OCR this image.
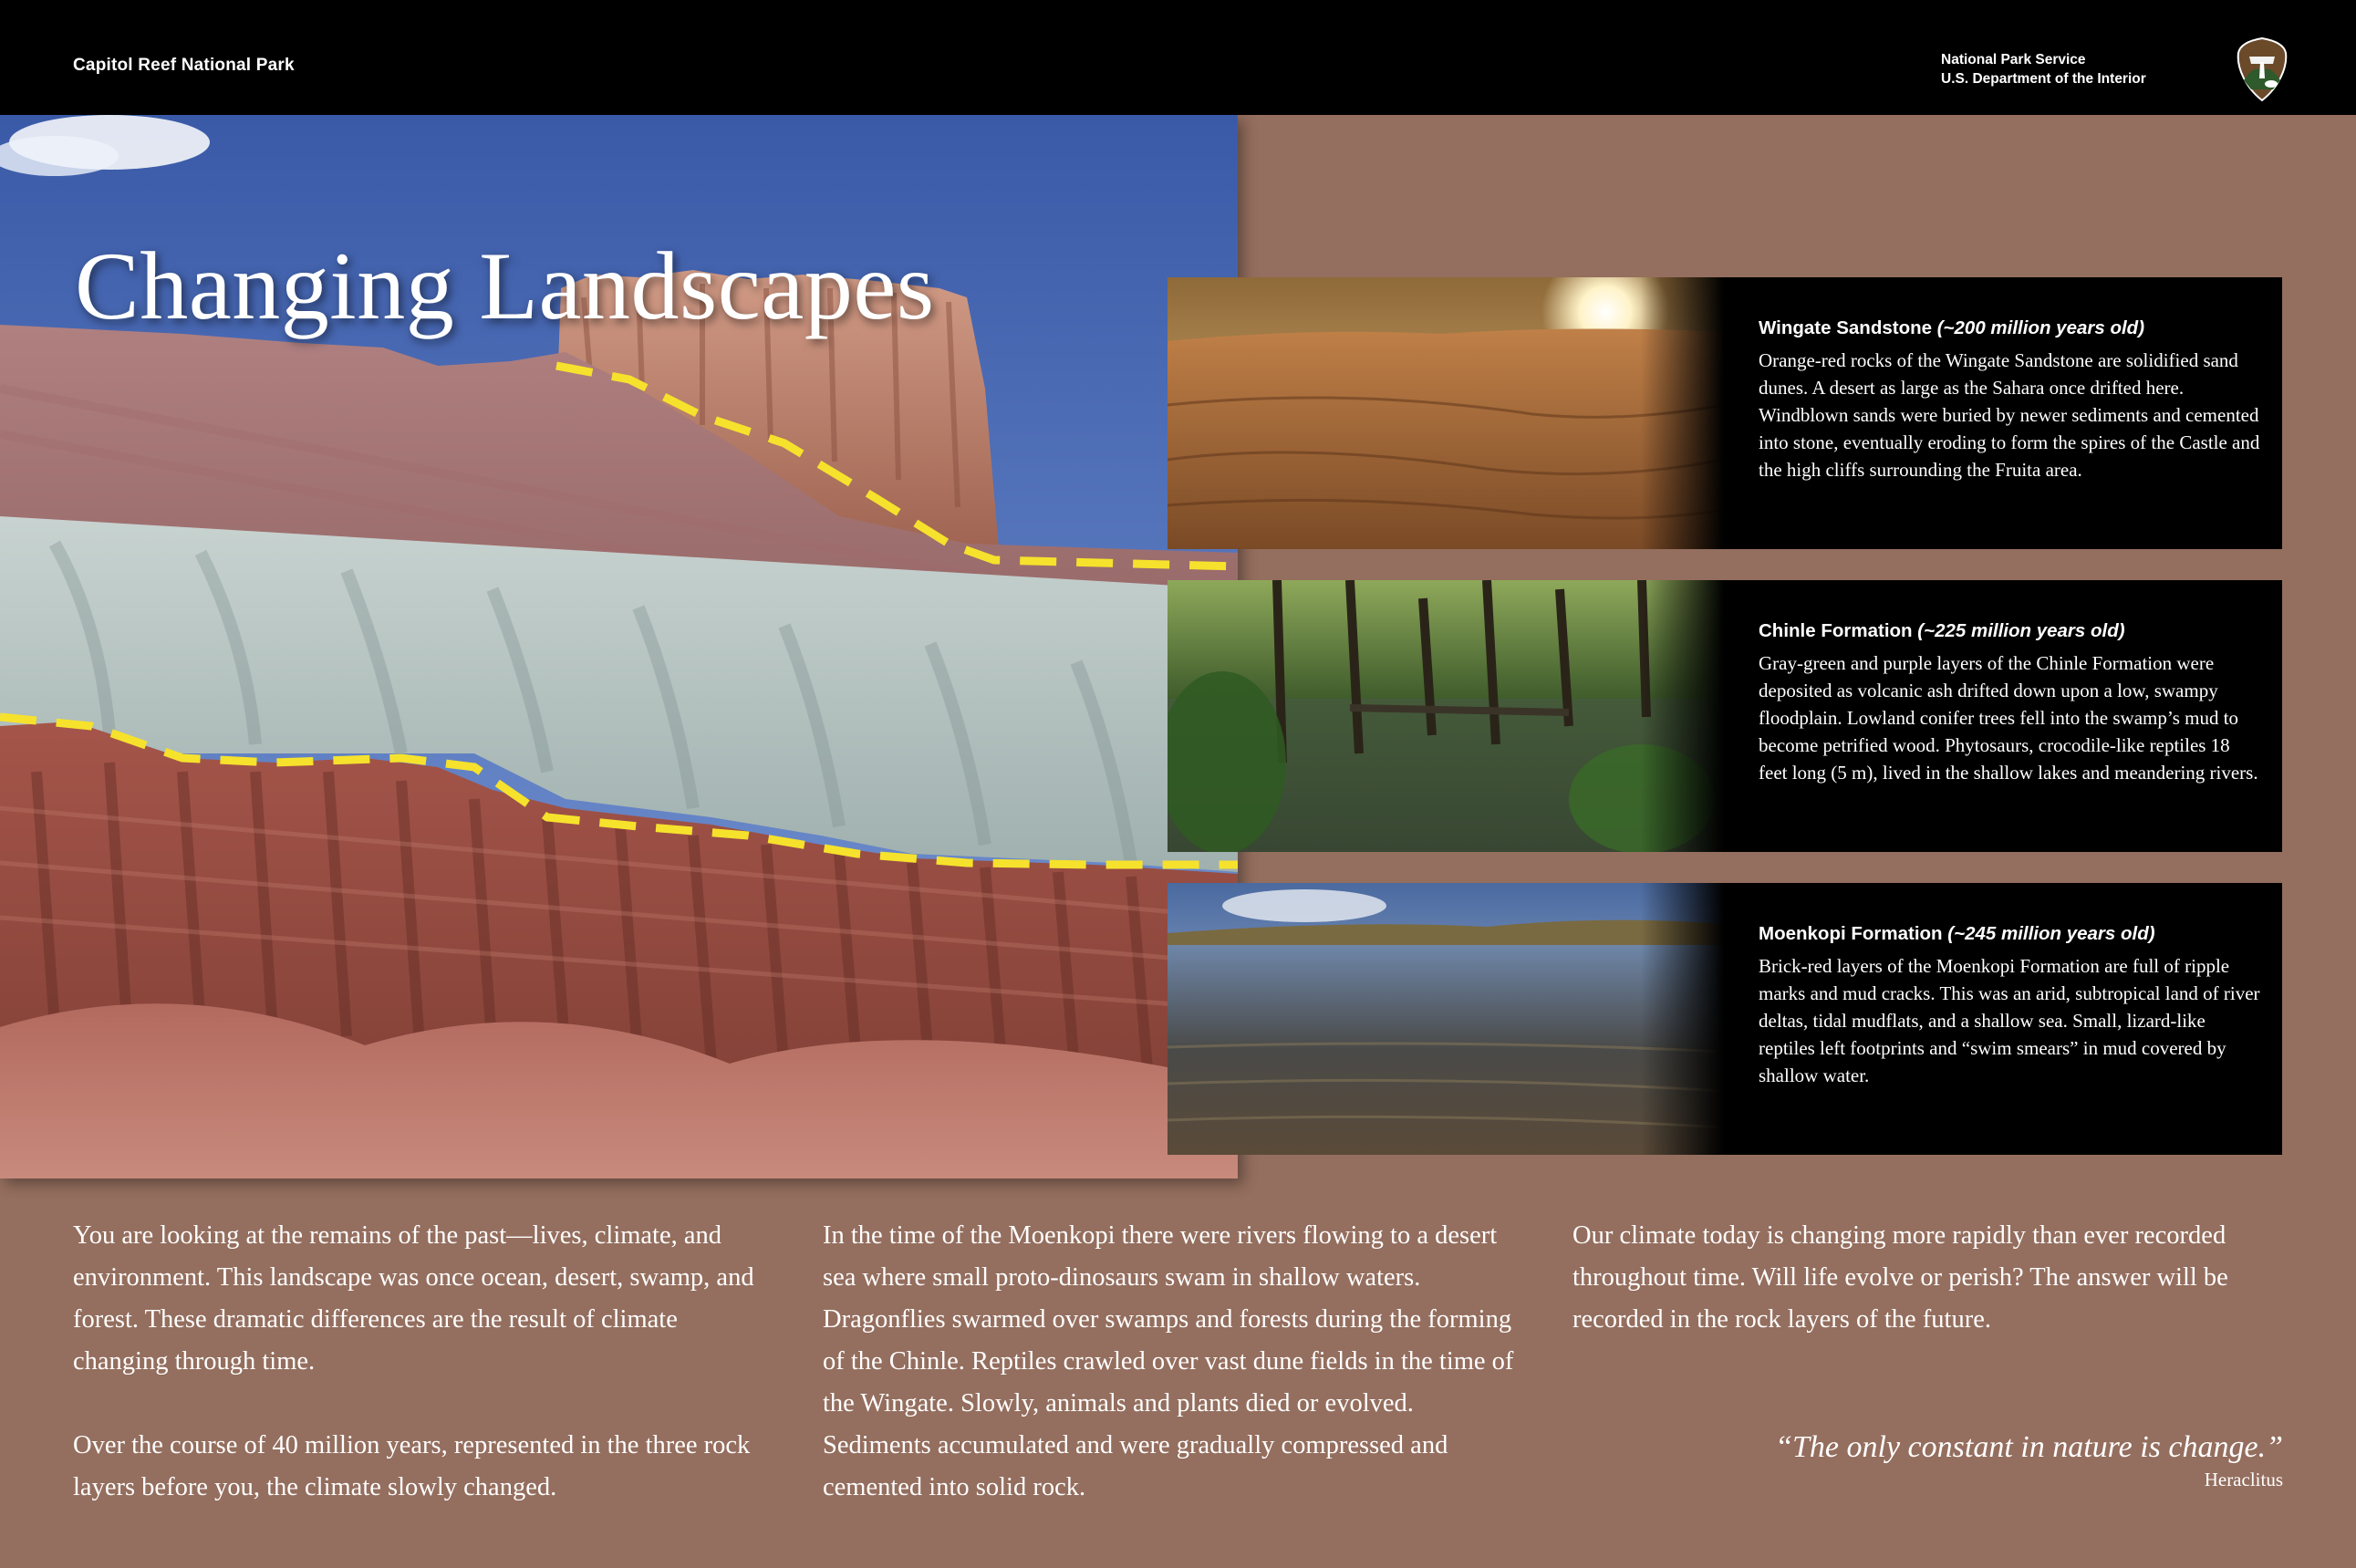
Capitol Reef National Park	National Park Service
U.S. Department of the Interior
Changing Landscapes	Wingate Sandstone (~200 million years old)

Orange-red rocks of the Wingate Sandstone are solidified sand dunes. A desert as large as the Sahara once drifted here. Windblown sands were buried by newer sediments and cemented into stone, eventually eroding to form the spires of the Castle and the high cliffs surrounding the Fruita area.

Chinle Formation (~225 million years old)

Gray-green and purple layers of the Chinle Formation were deposited as volcanic ash drifted down upon a low, swampy floodplain. Lowland conifer trees fell into the swamp’s mud to become petrified wood. Phytosaurs, crocodile-like reptiles 18 feet long (5 m), lived in the shallow lakes and meandering rivers.

Moenkopi Formation (~245 million years old)

Brick-red layers of the Moenkopi Formation are full of ripple marks and mud cracks. This was an arid, subtropical land of river deltas, tidal mudflats, and a shallow sea. Small, lizard-like reptiles left footprints and “swim smears” in mud covered by shallow water.

You are looking at the remains of the past—lives, climate, and environment. This landscape was once ocean, desert, swamp, and forest. These dramatic differences are the result of climate changing through time.

Over the course of 40 million years, represented in the three rock layers before you, the climate slowly changed.

In the time of the Moenkopi there were rivers flowing to a desert sea where small proto-dinosaurs swam in shallow waters. Dragonflies swarmed over swamps and forests during the forming of the Chinle. Reptiles crawled over vast dune fields in the time of the Wingate. Slowly, animals and plants died or evolved. Sediments accumulated and were gradually compressed and cemented into solid rock.

Our climate today is changing more rapidly than ever recorded throughout time. Will life evolve or perish? The answer will be recorded in the rock layers of the future.

“The only constant in nature is change.”
Heraclitus
